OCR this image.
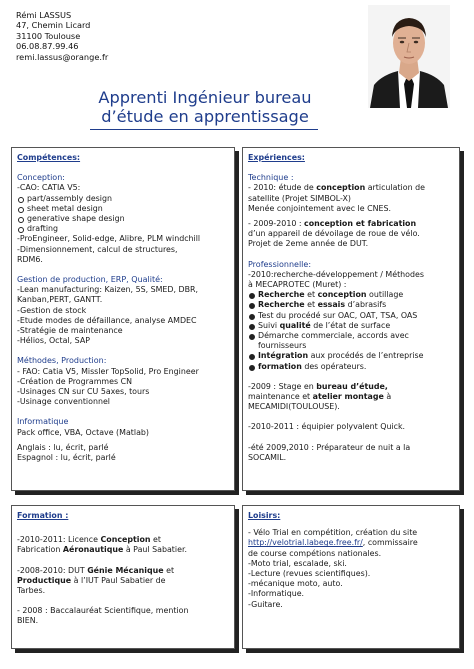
Rémi LASSUS
47, Chemin Licard
31100 Toulouse
06.08.87.99.46
remi.lassus@orange.fr
Apprenti Ingénieur bureau
d’étude en apprentissage
Compétences:
Conception:
-CAO: CATIA V5:
part/assembly design
sheet metal design
generative shape design
drafting
-ProEngineer, Solid-edge, Alibre, PLM windchill
-Dimensionnement, calcul de structures,
RDM6.
Gestion de production, ERP, Qualité:
-Lean manufacturing: Kaizen, 5S, SMED, DBR,
Kanban,PERT, GANTT.
-Gestion de stock
-Etude modes de défaillance, analyse AMDEC
-Stratégie de maintenance
-Hélios, Octal, SAP
Méthodes, Production:
- FAO: Catia V5, Missler TopSolid, Pro Engineer
-Création de Programmes CN
-Usinages CN sur CU 5axes, tours
-Usinage conventionnel
Informatique
Pack office, VBA, Octave (Matlab)
Anglais : lu, écrit, parlé
Espagnol : lu, écrit, parlé
Expériences:
Technique :
- 2010: étude de conception articulation de
satellite (Projet SIMBOL-X)
Menée conjointement avec le CNES.
- 2009-2010 : conception et fabrication
d’un appareil de dévoilage de roue de vélo.
Projet de 2eme année de DUT.
Professionnelle:
-2010:recherche-développement / Méthodes
à MECAPROTEC (Muret) :
Recherche et conception outillage
Recherche et essais d’abrasifs
Test du procédé sur OAC, OAT, TSA, OAS
Suivi qualité de l’état de surface
Démarche commerciale, accords avec
fournisseurs
Intégration aux procédés de l’entreprise
formation des opérateurs.
-2009 : Stage en bureau d’étude,
maintenance et atelier montage à
MECAMIDI(TOULOUSE).
-2010-2011 : équipier polyvalent Quick.
-été 2009,2010 : Préparateur de nuit a la
SOCAMIL.
Formation :
-2010-2011: Licence Conception et
Fabrication Aéronautique à Paul Sabatier.
-2008-2010: DUT Génie Mécanique et
Productique à l’IUT Paul Sabatier de
Tarbes.
- 2008 : Baccalauréat Scientifique, mention
BIEN.
Loisirs:
- Vélo Trial en compétition, création du site
http://velotrial.labege.free.fr/, commissaire
de course compétions nationales.
-Moto trial, escalade, ski.
-Lecture (revues scientifiques).
-mécanique moto, auto.
-Informatique.
-Guitare.
